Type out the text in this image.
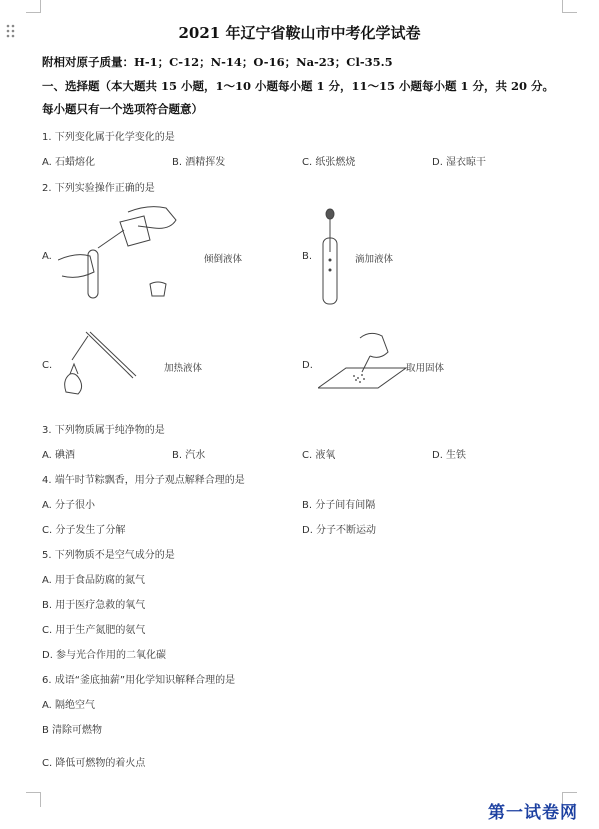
2021 年辽宁省鞍山市中考化学试卷
附相对原子质量：H-1；C-12；N-14；O-16；Na-23；Cl-35.5
一、选择题（本大题共 15 小题，1～10 小题每小题 1 分，11～15 小题每小题 1 分，共 20 分。
每小题只有一个选项符合题意）
1. 下列变化属于化学变化的是
A. 石蜡熔化	B. 酒精挥发	C. 纸张燃烧	D. 湿衣晾干
2. 下列实验操作正确的是
A.	倾倒液体	B.	滴加液体
C.	加热液体	D.	取用固体
3. 下列物质属于纯净物的是
A. 碘酒	B. 汽水	C. 液氧	D. 生铁
4. 端午时节粽飘香，用分子观点解释合理的是
A. 分子很小	B. 分子间有间隔
C. 分子发生了分解	D. 分子不断运动
5. 下列物质不是空气成分的是
A. 用于食品防腐的氮气
B. 用于医疗急救的氧气
C. 用于生产氮肥的氨气
D. 参与光合作用的二氧化碳
6. 成语“釜底抽薪”用化学知识解释合理的是
A. 隔绝空气
B 清除可燃物
C. 降低可燃物的着火点
第一试卷网
